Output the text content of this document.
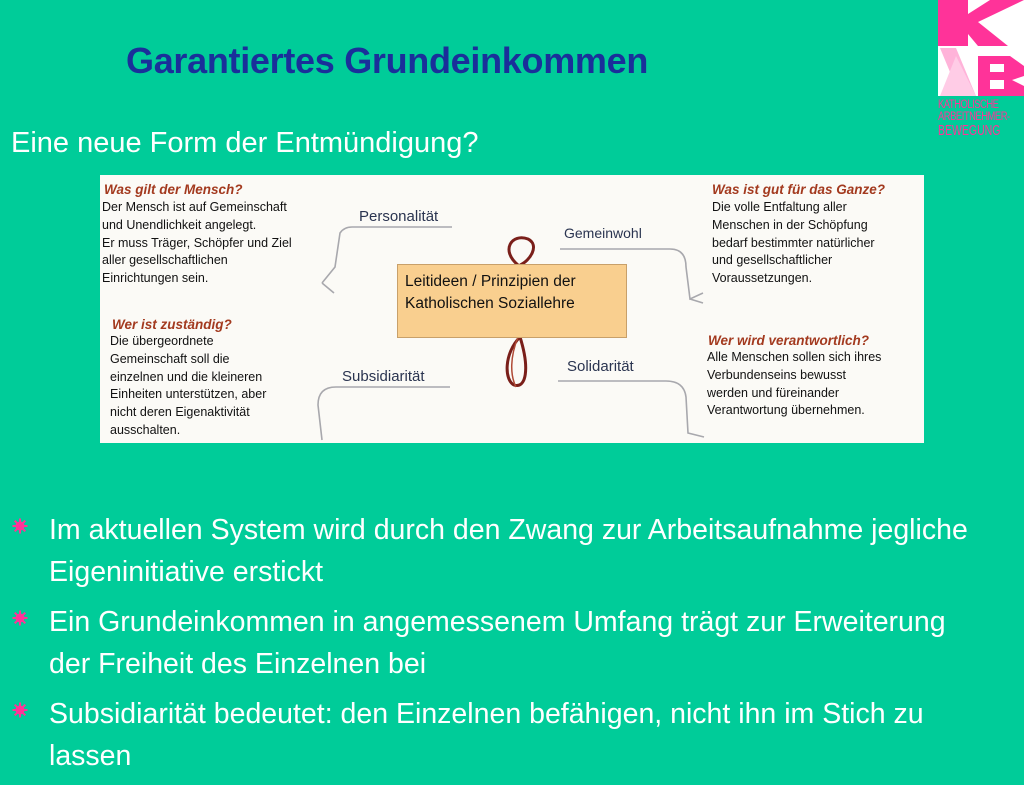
Garantiertes Grundeinkommen
Eine neue Form der Entmündigung?
KATHOLISCHE
ARBEITNEHMER-
BEWEGUNG
Was gilt der Mensch?
Der Mensch ist auf Gemeinschaft
und Unendlichkeit angelegt.
Er muss Träger, Schöpfer und Ziel
aller gesellschaftlichen
Einrichtungen sein.
Was ist gut für das Ganze?
Die volle Entfaltung aller
Menschen in der Schöpfung
bedarf bestimmter natürlicher
und gesellschaftlicher
Voraussetzungen.
Wer ist zuständig?
Die übergeordnete
Gemeinschaft soll die
einzelnen und die kleineren
Einheiten unterstützen, aber
nicht deren Eigenaktivität
ausschalten.
Wer wird verantwortlich?
Alle Menschen sollen sich ihres
Verbundenseins bewusst
werden und füreinander
Verantwortung übernehmen.
Personalität
Gemeinwohl
Subsidiarität
Solidarität
Leitideen / Prinzipien der
Katholischen Soziallehre
Im aktuellen System wird durch den Zwang zur Arbeitsaufnahme jegliche Eigeninitiative erstickt
Ein Grundeinkommen in angemessenem Umfang trägt zur Erweiterung der Freiheit des Einzelnen bei
Subsidiarität bedeutet: den Einzelnen befähigen, nicht ihn im Stich zu lassen
